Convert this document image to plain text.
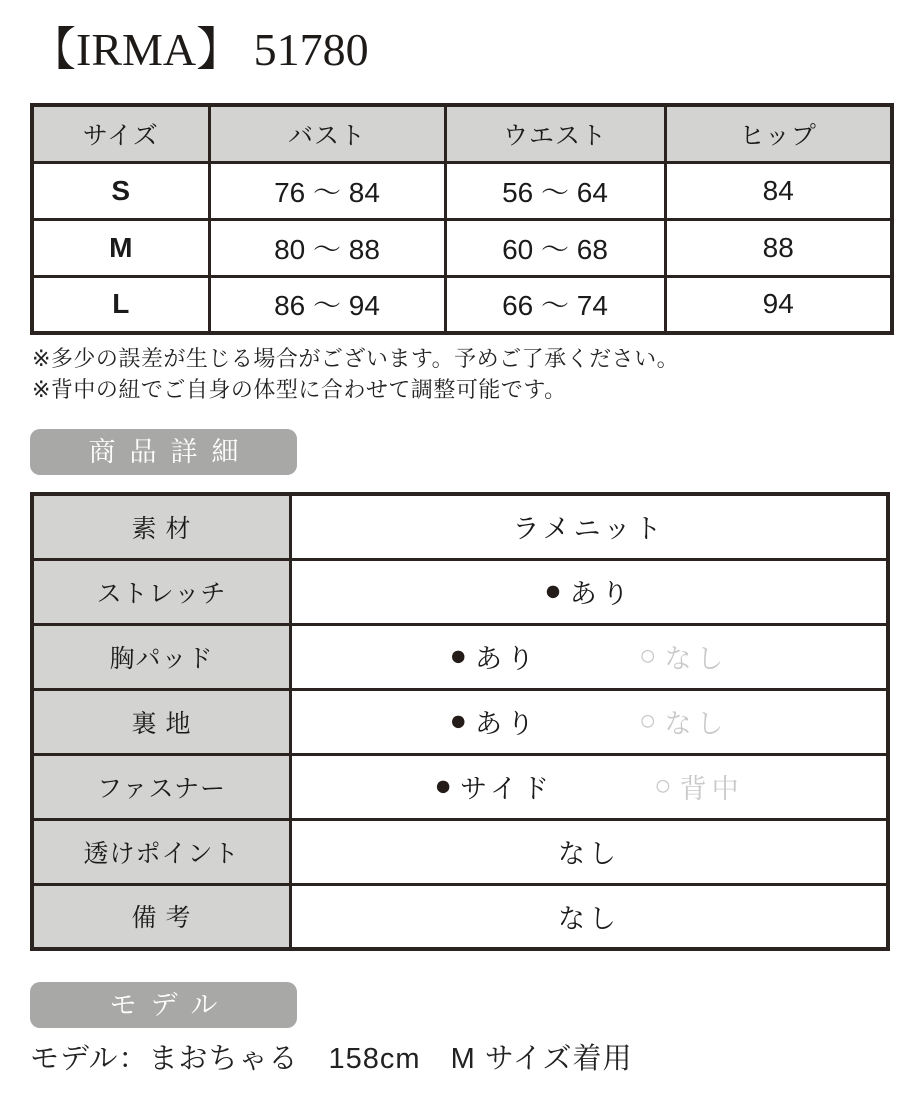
【IRMA】 51780
サイズ	バスト	ウエスト	ヒップ
S	76 〜 84	56 〜 64	84
M	80 〜 88	60 〜 68	88
L	86 〜 94	66 〜 74	94

※多少の誤差が生じる場合がございます。予めご了承ください。

※背中の紐でご自身の体型に合わせて調整可能です。

商品詳細
素 材	ラメニット
ストレッチ	● あり

胸パッド	● あり ○ なし

裏 地	● あり ○ なし

ファスナー	● サイド ○ 背中

透けポイント	なし
備 考	なし
モデル

モデル：まおちゃる　158cm　M サイズ着用
